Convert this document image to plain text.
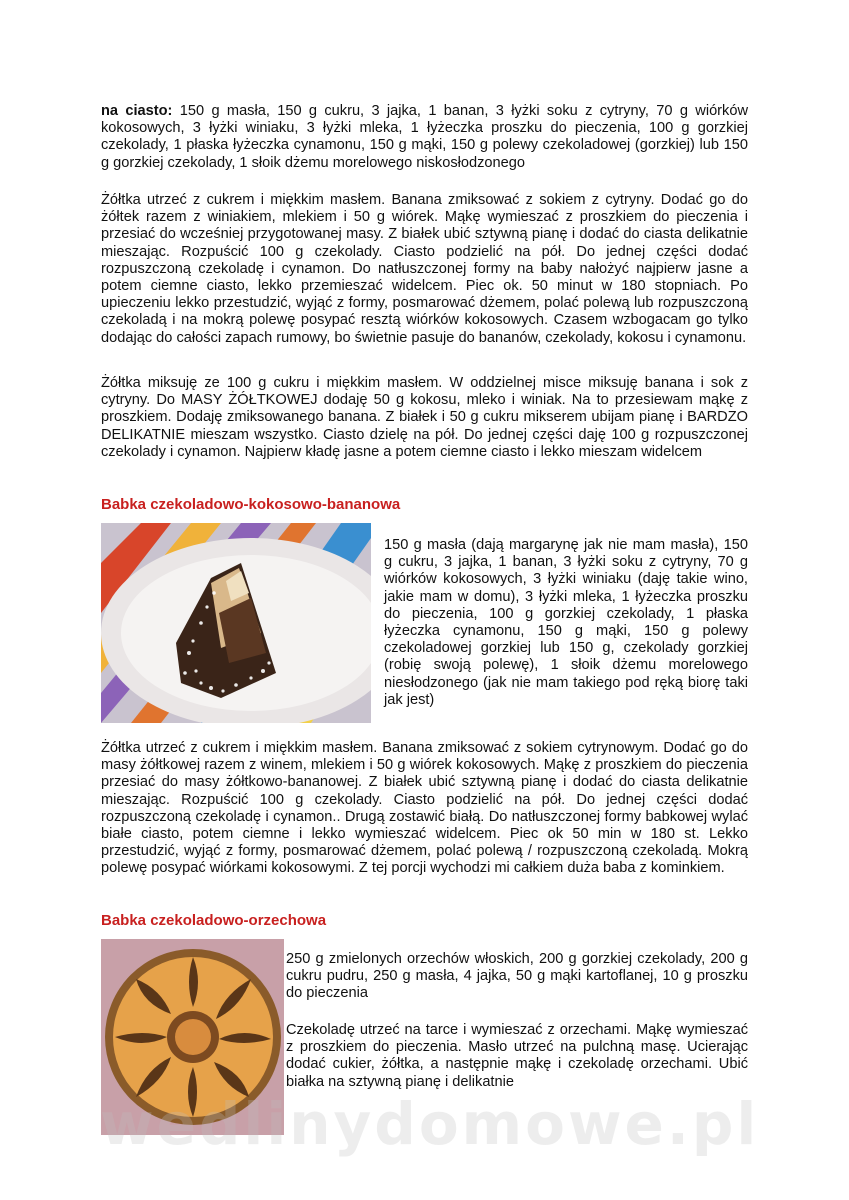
na ciasto: 150 g masła, 150 g cukru, 3 jajka, 1 banan, 3 łyżki soku z cytryny, 70 g wiórków kokosowych, 3 łyżki winiaku, 3 łyżki mleka, 1 łyżeczka proszku do pieczenia, 100 g gorzkiej czekolady, 1 płaska łyżeczka cynamonu, 150 g mąki, 150 g polewy czekoladowej (gorzkiej) lub 150 g gorzkiej czekolady, 1 słoik dżemu morelowego niskosłodzonego

Żółtka utrzeć z cukrem i miękkim masłem. Banana zmiksować z sokiem z cytryny. Dodać go do żółtek razem z winiakiem, mlekiem i 50 g wiórek. Mąkę wymieszać z proszkiem do pieczenia i przesiać do wcześniej przygotowanej masy. Z białek ubić sztywną pianę i dodać do ciasta delikatnie mieszając. Rozpuścić 100 g czekolady. Ciasto podzielić na pół. Do jednej części dodać rozpuszczoną czekoladę i cynamon. Do natłuszczonej formy na baby nałożyć najpierw jasne a potem ciemne ciasto, lekko przemieszać widelcem. Piec ok. 50 minut w 180 stopniach. Po upieczeniu lekko przestudzić, wyjąć z formy, posmarować dżemem, polać polewą lub rozpuszczoną czekoladą i na mokrą polewę posypać resztą wiórków kokosowych. Czasem wzbogacam go tylko dodając do całości zapach rumowy, bo świetnie pasuje do bananów, czekolady, kokosu i cynamonu.

Żółtka miksuję ze 100 g cukru i miękkim masłem. W oddzielnej misce miksuję banana i sok z cytryny. Do MASY ŻÓŁTKOWEJ dodaję 50 g kokosu, mleko i winiak. Na to przesiewam mąkę z proszkiem. Dodaję zmiksowanego banana. Z białek i 50 g cukru mikserem ubijam pianę i BARDZO DELIKATNIE mieszam wszystko. Ciasto dzielę na pół. Do jednej części daję 100 g rozpuszczonej czekolady i cynamon. Najpierw kładę jasne a potem ciemne ciasto i lekko mieszam widelcem

Babka czekoladowo-kokosowo-bananowa

150 g masła (dają margarynę jak nie mam masła), 150 g cukru, 3 jajka, 1 banan, 3 łyżki soku z cytryny, 70 g wiórków kokosowych, 3 łyżki winiaku (daję takie wino, jakie mam w domu), 3 łyżki mleka, 1 łyżeczka proszku do pieczenia, 100 g gorzkiej czekolady, 1 płaska łyżeczka cynamonu, 150 g mąki, 150 g polewy czekoladowej gorzkiej lub 150 g, czekolady gorzkiej (robię swoją polewę), 1 słoik dżemu morelowego niesłodzonego (jak nie mam takiego pod ręką biorę taki jak jest)

Żółtka utrzeć z cukrem i miękkim masłem. Banana zmiksować z sokiem cytrynowym. Dodać go do masy żółtkowej razem z winem, mlekiem i 50 g wiórek kokosowych. Mąkę z proszkiem do pieczenia przesiać do masy żółtkowo-bananowej. Z białek ubić sztywną pianę i dodać do ciasta delikatnie mieszając. Rozpuścić 100 g czekolady. Ciasto podzielić na pół. Do jednej części dodać rozpuszczoną czekoladę i cynamon.. Drugą zostawić białą. Do natłuszczonej formy babkowej wylać białe ciasto, potem ciemne i lekko wymieszać widelcem. Piec ok 50 min w 180 st. Lekko przestudzić, wyjąć z formy, posmarować dżemem, polać polewą / rozpuszczoną czekoladą. Mokrą polewę posypać wiórkami kokosowymi. Z tej porcji wychodzi mi całkiem duża baba z kominkiem.

Babka czekoladowo-orzechowa

250 g zmielonych orzechów włoskich, 200 g gorzkiej czekolady, 200 g cukru pudru, 250 g masła, 4 jajka, 50 g mąki kartoflanej, 10 g proszku do pieczenia

Czekoladę utrzeć na tarce i wymieszać z orzechami. Mąkę wymieszać z proszkiem do pieczenia. Masło utrzeć na pulchną masę. Ucierając dodać cukier, żółtka, a następnie mąkę i czekoladę orzechami. Ubić białka na sztywną pianę i delikatnie

wedlinydomowe.pl
